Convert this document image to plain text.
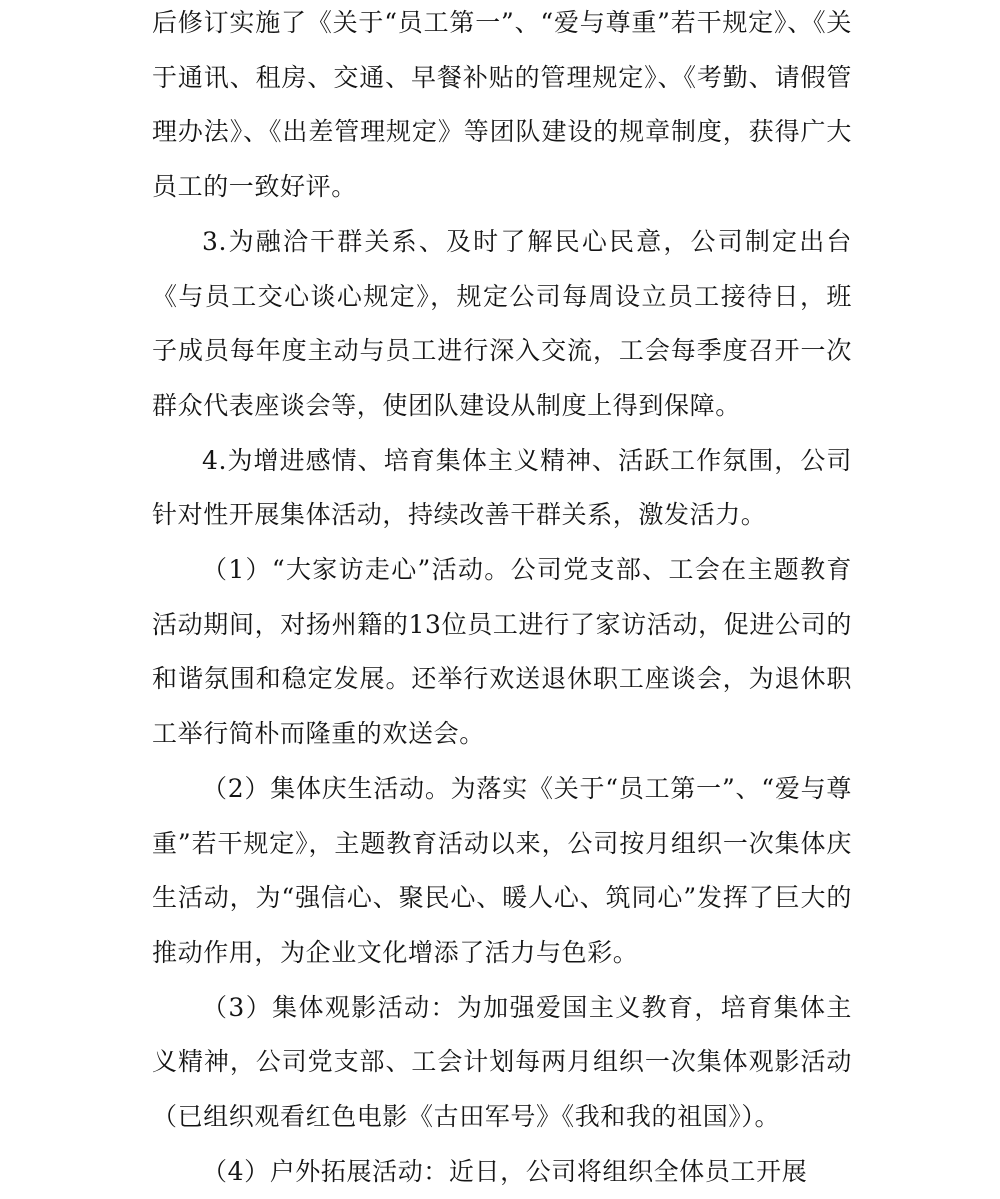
后修订实施了《关于“员工第一”、“爱与尊重”若干规定》、《关于通讯、租房、交通、早餐补贴的管理规定》、《考勤、请假管理办法》、《出差管理规定》等团队建设的规章制度，获得广大员工的一致好评。

3.为融洽干群关系、及时了解民心民意，公司制定出台《与员工交心谈心规定》，规定公司每周设立员工接待日，班子成员每年度主动与员工进行深入交流，工会每季度召开一次群众代表座谈会等，使团队建设从制度上得到保障。

4.为增进感情、培育集体主义精神、活跃工作氛围，公司针对性开展集体活动，持续改善干群关系，激发活力。

（1）“大家访走心”活动。公司党支部、工会在主题教育活动期间，对扬州籍的13位员工进行了家访活动，促进公司的和谐氛围和稳定发展。还举行欢送退休职工座谈会，为退休职工举行简朴而隆重的欢送会。

（2）集体庆生活动。为落实《关于“员工第一”、“爱与尊重”若干规定》，主题教育活动以来，公司按月组织一次集体庆生活动，为“强信心、聚民心、暖人心、筑同心”发挥了巨大的推动作用，为企业文化增添了活力与色彩。

（3）集体观影活动：为加强爱国主义教育，培育集体主义精神，公司党支部、工会计划每两月组织一次集体观影活动（已组织观看红色电影《古田军号》《我和我的祖国》）。

（4）户外拓展活动：近日，公司将组织全体员工开展
